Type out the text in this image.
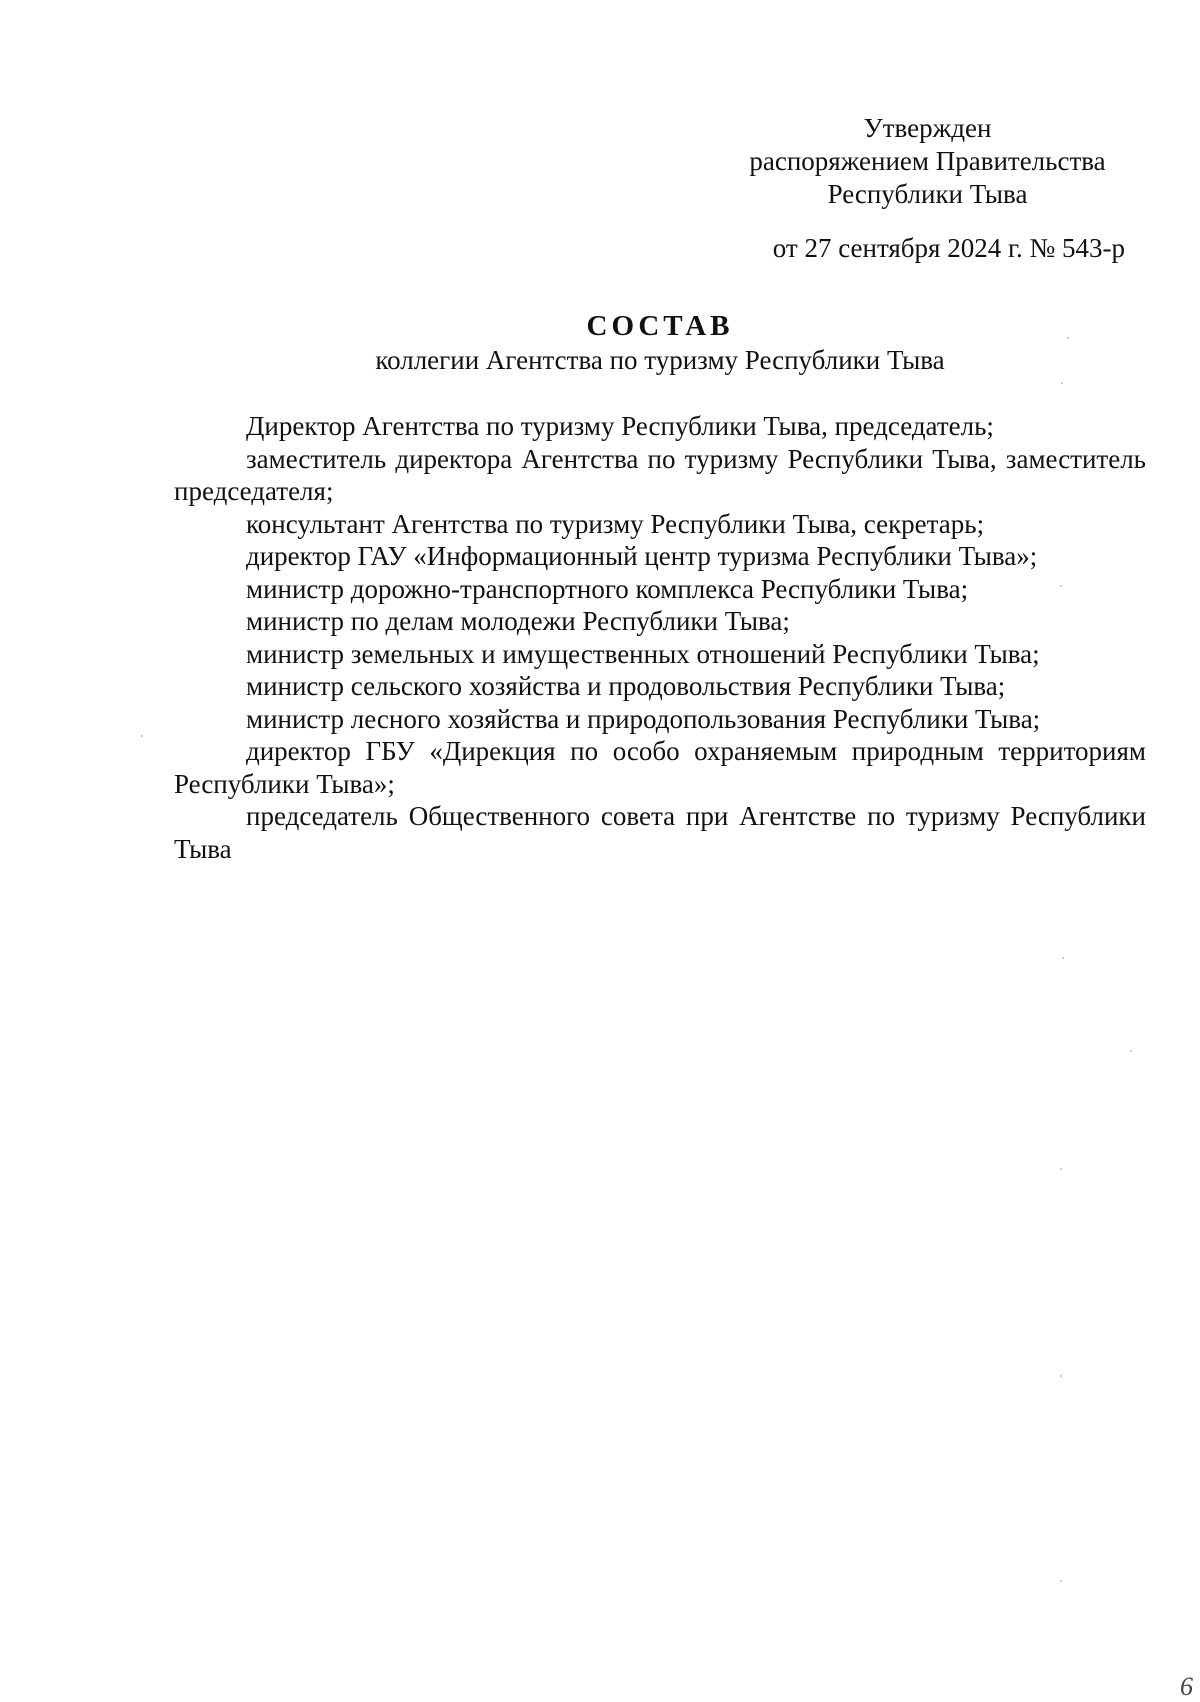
Утвержден
распоряжением Правительства
Республики Тыва
от 27 сентября 2024 г. № 543-р
СОСТАВ
коллегии Агентства по туризму Республики Тыва

Директор Агентства по туризму Республики Тыва, председатель;

заместитель директора Агентства по туризму Республики Тыва, заместитель председателя;

консультант Агентства по туризму Республики Тыва, секретарь;

директор ГАУ «Информационный центр туризма Республики Тыва»;

министр дорожно-транспортного комплекса Республики Тыва;

министр по делам молодежи Республики Тыва;

министр земельных и имущественных отношений Республики Тыва;

министр сельского хозяйства и продовольствия Республики Тыва;

министр лесного хозяйства и природопользования Республики Тыва;

директор ГБУ «Дирекция по особо охраняемым природным территориям Республики Тыва»;

председатель Общественного совета при Агентстве по туризму Республики Тыва

6
